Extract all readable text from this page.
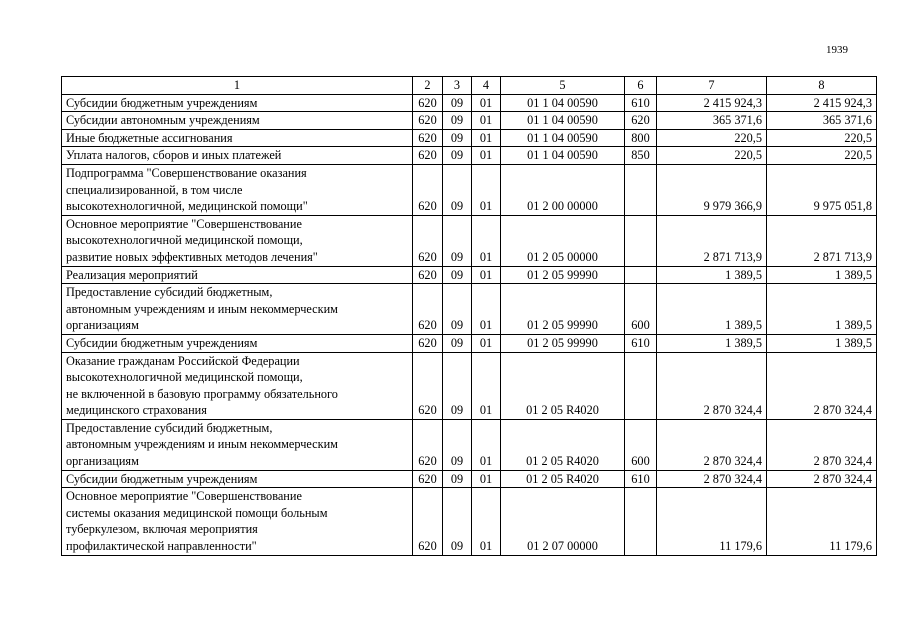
1939
1	2	3	4	5	6	7	8
Субсидии бюджетным учреждениям	620	09	01	01 1 04 00590	610	2 415 924,3	2 415 924,3
Субсидии автономным учреждениям	620	09	01	01 1 04 00590	620	365 371,6	365 371,6
Иные бюджетные ассигнования	620	09	01	01 1 04 00590	800	220,5	220,5
Уплата налогов, сборов и иных платежей	620	09	01	01 1 04 00590	850	220,5	220,5
Подпрограмма "Совершенствование оказания
специализированной, в том числе
высокотехнологичной, медицинской помощи"	620	09	01	01 2 00 00000		9 979 366,9	9 975 051,8
Основное мероприятие "Совершенствование
высокотехнологичной медицинской помощи,
развитие новых эффективных методов лечения"	620	09	01	01 2 05 00000		2 871 713,9	2 871 713,9
Реализация мероприятий	620	09	01	01 2 05 99990		1 389,5	1 389,5
Предоставление субсидий бюджетным,
автономным учреждениям и иным некоммерческим
организациям	620	09	01	01 2 05 99990	600	1 389,5	1 389,5
Субсидии бюджетным учреждениям	620	09	01	01 2 05 99990	610	1 389,5	1 389,5
Оказание гражданам Российской Федерации
высокотехнологичной медицинской помощи,
не включенной в базовую программу обязательного
медицинского страхования	620	09	01	01 2 05 R4020		2 870 324,4	2 870 324,4
Предоставление субсидий бюджетным,
автономным учреждениям и иным некоммерческим
организациям	620	09	01	01 2 05 R4020	600	2 870 324,4	2 870 324,4
Субсидии бюджетным учреждениям	620	09	01	01 2 05 R4020	610	2 870 324,4	2 870 324,4
Основное мероприятие "Совершенствование
системы оказания медицинской помощи больным
туберкулезом, включая мероприятия
профилактической направленности"	620	09	01	01 2 07 00000		11 179,6	11 179,6
